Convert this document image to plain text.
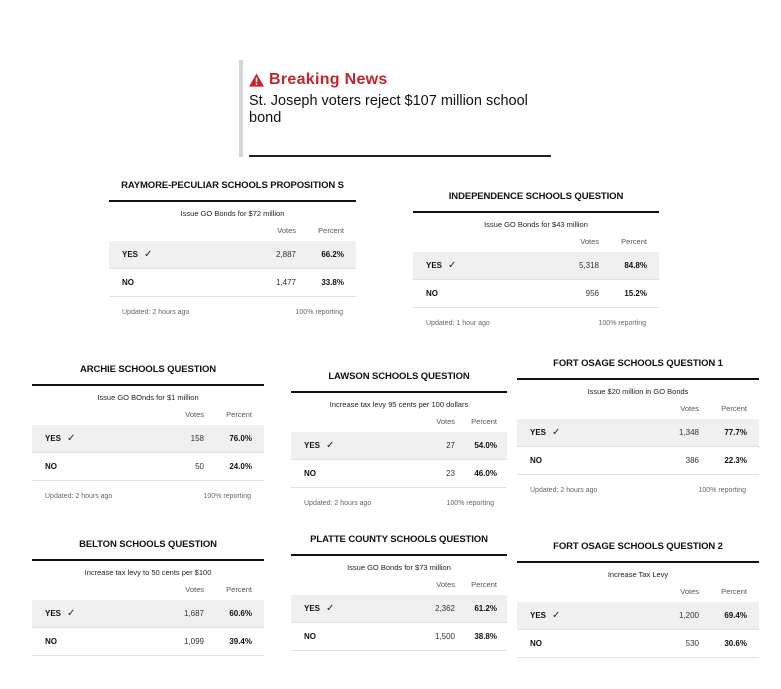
Breaking News
St. Joseph voters reject $107 million school bond
RAYMORE-PECULIAR SCHOOLS PROPOSITION S
Issue GO Bonds for $72 million
Votes	Percent
YES ✓	2,887	66.2%
NO	1,477	33.8%
Updated: 2 hours ago	100% reporting
INDEPENDENCE SCHOOLS QUESTION
Issue GO Bonds for $43 million
Votes	Percent
YES ✓	5,318	84.8%
NO	956	15.2%
Updated: 1 hour ago	100% reporting
ARCHIE SCHOOLS QUESTION
Issue GO BOnds for $1 million
Votes	Percent
YES ✓	158	76.0%
NO	50	24.0%
Updated: 2 hours ago	100% reporting
LAWSON SCHOOLS QUESTION
Increase tax levy 95 cents per 100 dollars
Votes	Percent
YES ✓	27	54.0%
NO	23	46.0%
Updated: 2 hours ago	100% reporting
FORT OSAGE SCHOOLS QUESTION 1
Issue $20 million in GO Bonds
Votes	Percent
YES ✓	1,348	77.7%
NO	386	22.3%
Updated: 2 hours ago	100% reporting
BELTON SCHOOLS QUESTION
Increase tax levy to 50 cents per $100
Votes	Percent
YES ✓	1,687	60.6%
NO	1,099	39.4%
PLATTE COUNTY SCHOOLS QUESTION
Issue GO Bonds for $73 million
Votes	Percent
YES ✓	2,362	61.2%
NO	1,500	38.8%
FORT OSAGE SCHOOLS QUESTION 2
Increase Tax Levy
Votes	Percent
YES ✓	1,200	69.4%
NO	530	30.6%
